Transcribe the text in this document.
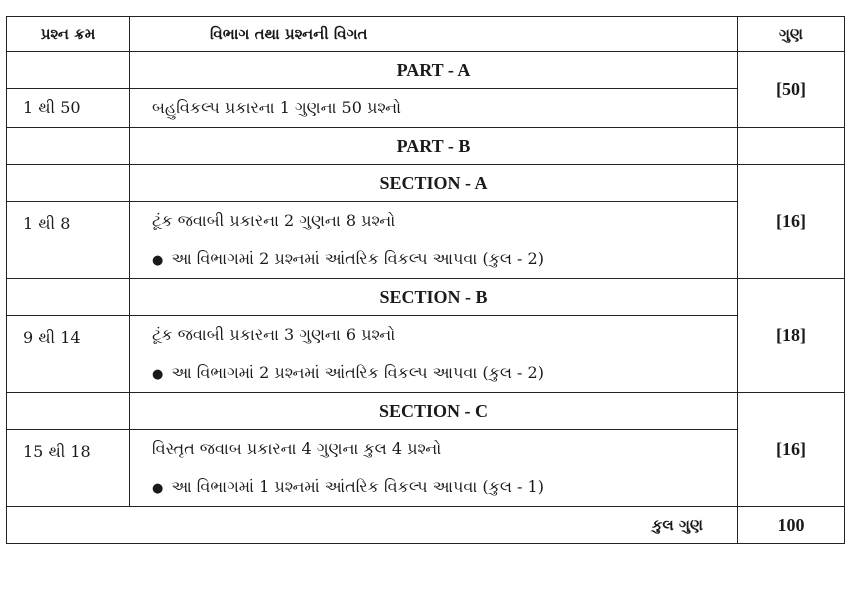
પ્રશ્ન ક્રમ	વિભાગ તથા પ્રશ્નની વિગત	ગુણ
	PART - A	[50]
1 થી 50	બહુવિકલ્પ પ્રકારના 1 ગુણના 50 પ્રશ્નો	

	PART - B	
	SECTION - A	[16]
1 થી 8	ટૂંક જવાબી પ્રકારના 2 ગુણના 8 પ્રશ્નો
● આ વિભાગમાં 2 પ્રશ્નમાં આંતરિક વિકલ્પ આપવા (કુલ - 2)	

	SECTION - B	[18]
9 થી 14	ટૂંક જવાબી પ્રકારના 3 ગુણના 6 પ્રશ્નો
● આ વિભાગમાં 2 પ્રશ્નમાં આંતરિક વિકલ્પ આપવા (કુલ - 2)	

	SECTION - C	[16]
15 થી 18	વિસ્તૃત જવાબ પ્રકારના 4 ગુણના કુલ 4 પ્રશ્નો
● આ વિભાગમાં 1 પ્રશ્નમાં આંતરિક વિકલ્પ આપવા (કુલ - 1)	

કુલ ગુણ		100
